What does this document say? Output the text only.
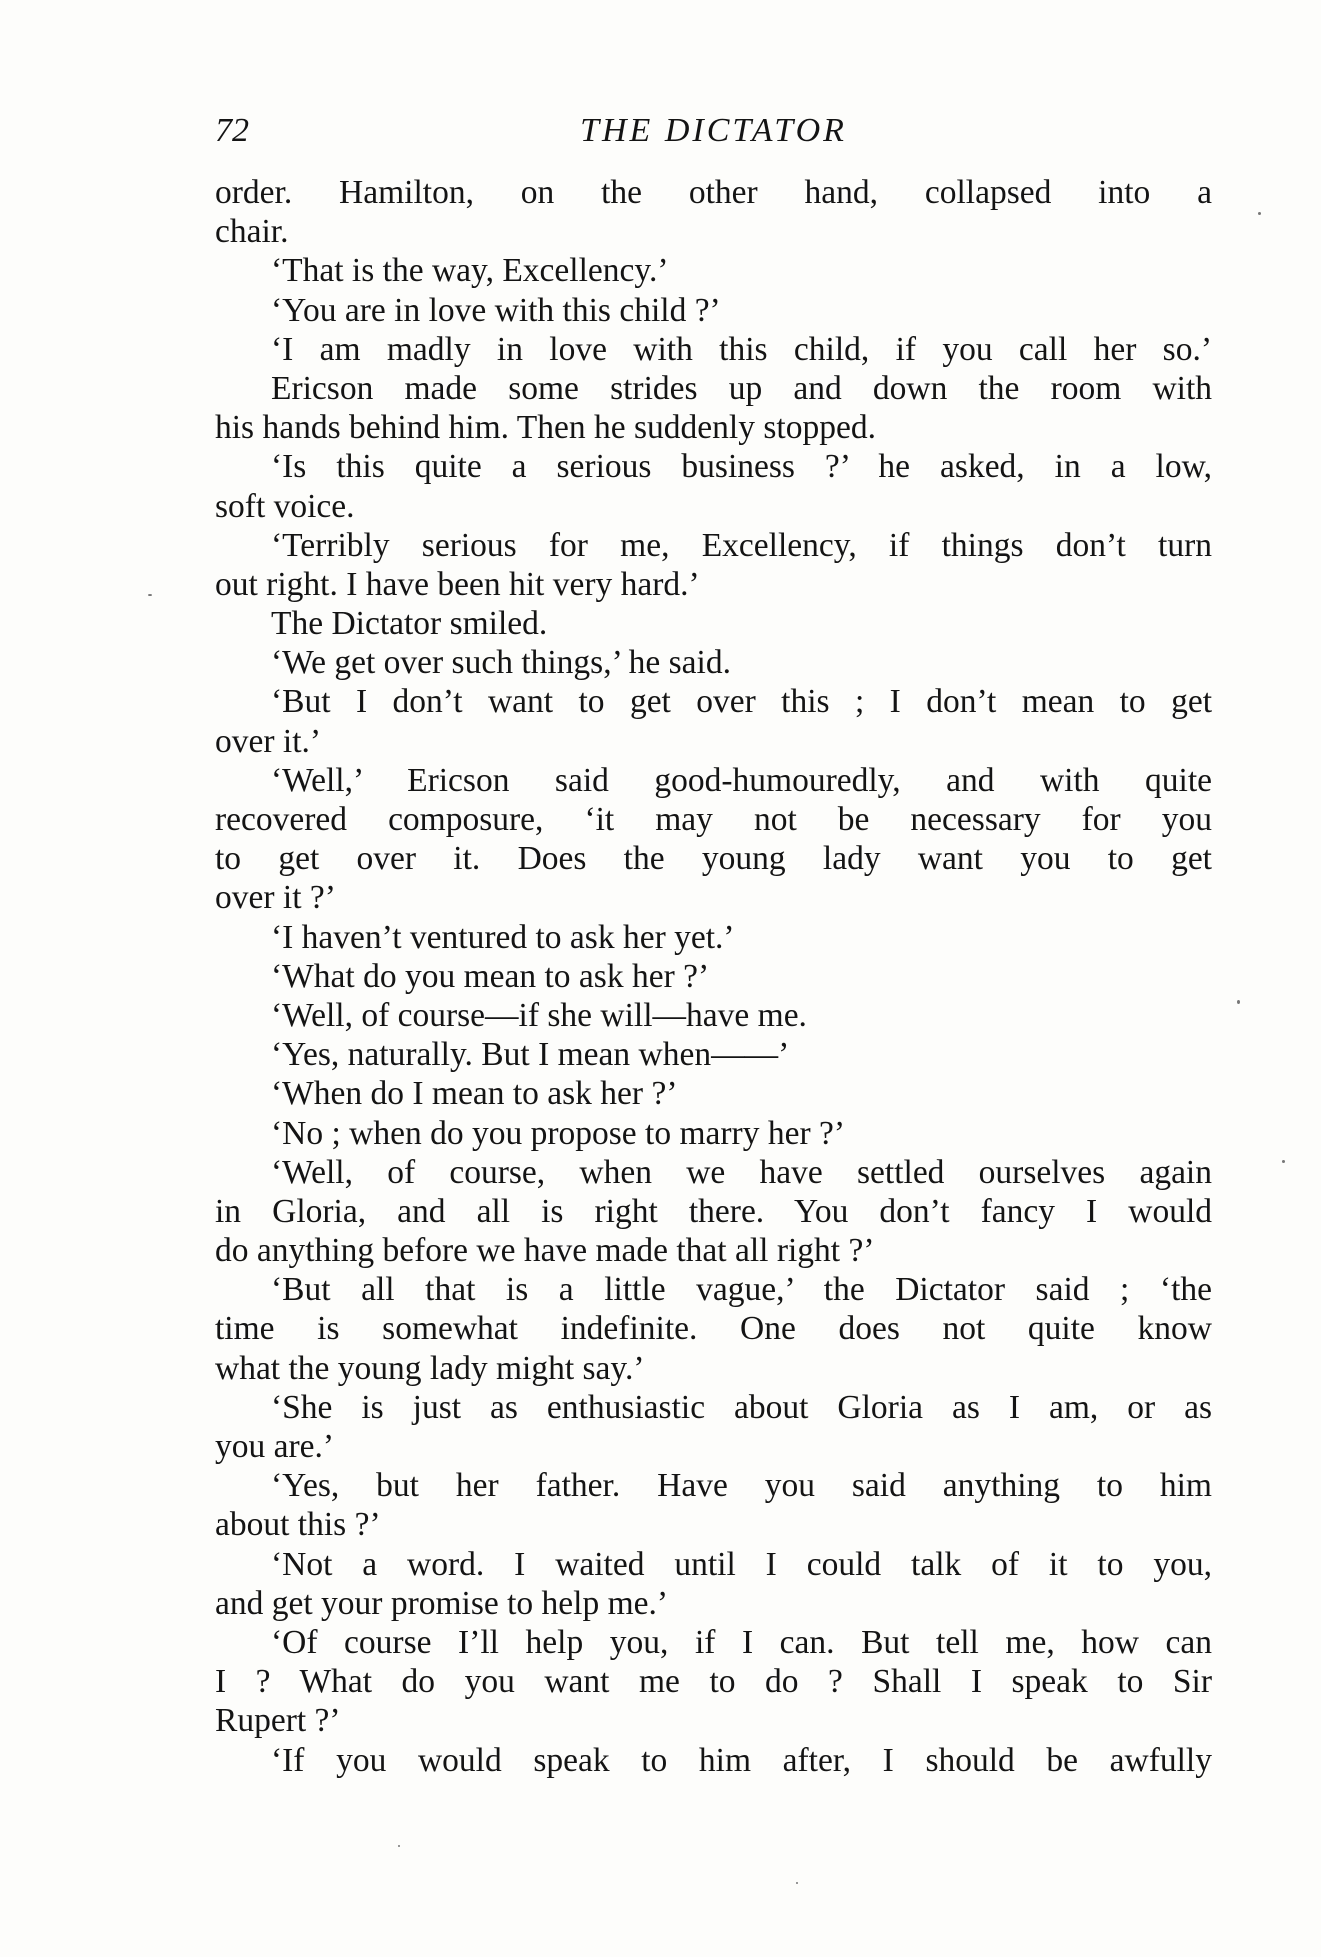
72	THE DICTATOR
order. Hamilton, on the other hand, collapsed into a
chair.
‘That is the way, Excellency.’
‘You are in love with this child ?’
‘I am madly in love with this child, if you call her so.’
Ericson made some strides up and down the room with
his hands behind him. Then he suddenly stopped.
‘Is this quite a serious business ?’ he asked, in a low,
soft voice.
‘Terribly serious for me, Excellency, if things don’t turn
out right. I have been hit very hard.’
The Dictator smiled.
‘We get over such things,’ he said.
‘But I don’t want to get over this ; I don’t mean to get
over it.’
‘Well,’ Ericson said good-humouredly, and with quite
recovered composure, ‘it may not be necessary for you
to get over it. Does the young lady want you to get
over it ?’
‘I haven’t ventured to ask her yet.’
‘What do you mean to ask her ?’
‘Well, of course—if she will—have me.
‘Yes, naturally. But I mean when——’
‘When do I mean to ask her ?’
‘No ; when do you propose to marry her ?’
‘Well, of course, when we have settled ourselves again
in Gloria, and all is right there. You don’t fancy I would
do anything before we have made that all right ?’
‘But all that is a little vague,’ the Dictator said ; ‘the
time is somewhat indefinite. One does not quite know
what the young lady might say.’
‘She is just as enthusiastic about Gloria as I am, or as
you are.’
‘Yes, but her father. Have you said anything to him
about this ?’
‘Not a word. I waited until I could talk of it to you,
and get your promise to help me.’
‘Of course I’ll help you, if I can. But tell me, how can
I ? What do you want me to do ? Shall I speak to Sir
Rupert ?’
‘If you would speak to him after, I should be awfully
